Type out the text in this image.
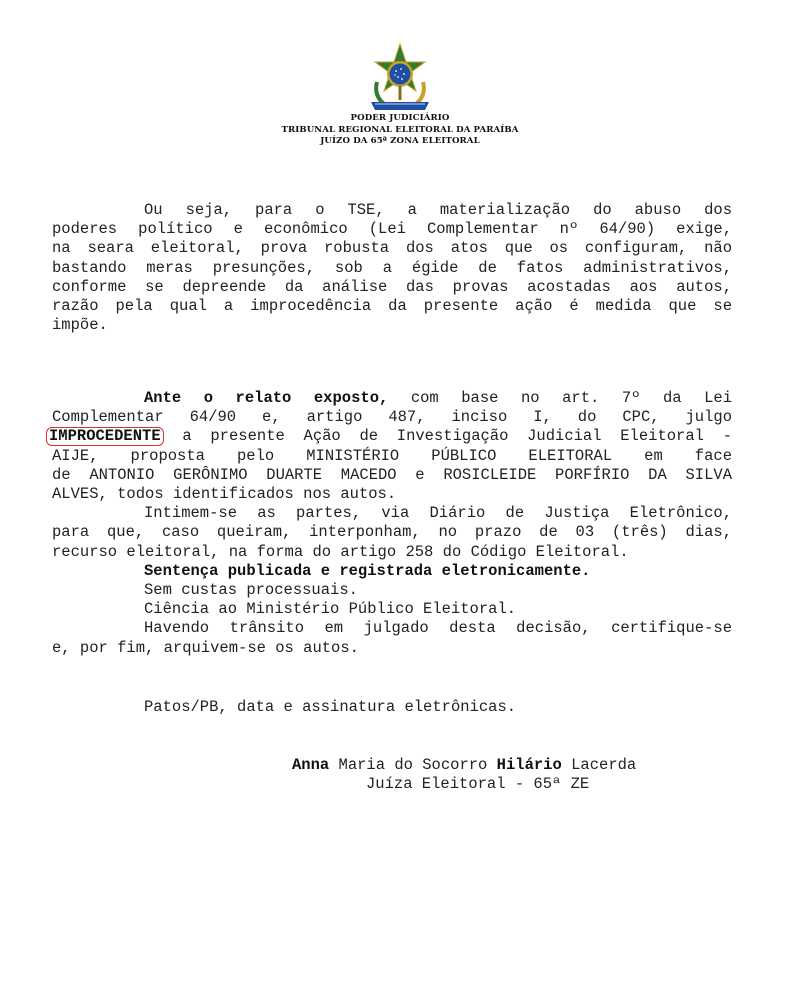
PODER JUDICIÁRIO
TRIBUNAL REGIONAL ELEITORAL DA PARAÍBA
JUÍZO DA 65ª ZONA ELEITORAL
Ou seja, para o TSE, a materialização do abuso dos
poderes político e econômico (Lei Complementar nº 64/90) exige,
na seara eleitoral, prova robusta dos atos que os configuram, não
bastando meras presunções, sob a égide de fatos administrativos,
conforme se depreende da análise das provas acostadas aos autos,
razão pela qual a improcedência da presente ação é medida que se
impõe.
Ante o relato exposto, com base no art. 7º da Lei
Complementar 64/90 e, artigo 487, inciso I, do CPC, julgo
IMPROCEDENTE a presente Ação de Investigação Judicial Eleitoral -
AIJE, proposta pelo MINISTÉRIO PÚBLICO ELEITORAL em face
de ANTONIO GERÔNIMO DUARTE MACEDO e ROSICLEIDE PORFÍRIO DA SILVA
ALVES, todos identificados nos autos.
Intimem-se as partes, via Diário de Justiça Eletrônico,
para que, caso queiram, interponham, no prazo de 03 (três) dias,
recurso eleitoral, na forma do artigo 258 do Código Eleitoral.
Sentença publicada e registrada eletronicamente.
Sem custas processuais.
Ciência ao Ministério Público Eleitoral.
Havendo trânsito em julgado desta decisão, certifique-se
e, por fim, arquivem-se os autos.
Patos/PB, data e assinatura eletrônicas.
Anna Maria do Socorro Hilário Lacerda
Juíza Eleitoral - 65ª ZE
